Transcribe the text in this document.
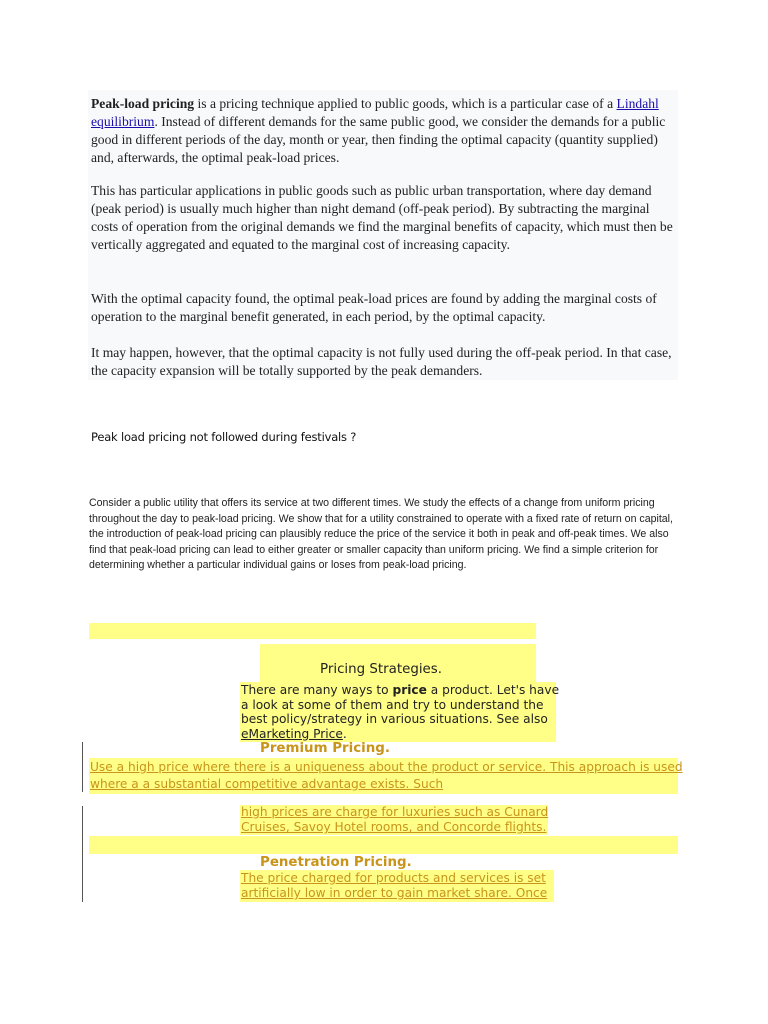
Peak-load pricing is a pricing technique applied to public goods, which is a particular case of a Lindahl equilibrium. Instead of different demands for the same public good, we consider the demands for a public good in different periods of the day, month or year, then finding the optimal capacity (quantity supplied) and, afterwards, the optimal peak-load prices.

This has particular applications in public goods such as public urban transportation, where day demand (peak period) is usually much higher than night demand (off-peak period). By subtracting the marginal costs of operation from the original demands we find the marginal benefits of capacity, which must then be vertically aggregated and equated to the marginal cost of increasing capacity.

With the optimal capacity found, the optimal peak-load prices are found by adding the marginal costs of operation to the marginal benefit generated, in each period, by the optimal capacity.

It may happen, however, that the optimal capacity is not fully used during the off-peak period. In that case, the capacity expansion will be totally supported by the peak demanders.

Peak load pricing not followed during festivals ?
Consider a public utility that offers its service at two different times. We study the effects of a change from uniform pricing throughout the day to peak-load pricing. We show that for a utility constrained to operate with a fixed rate of return on capital, the introduction of peak-load pricing can plausibly reduce the price of the service it both in peak and off-peak times. We also find that peak-load pricing can lead to either greater or smaller capacity than uniform pricing. We find a simple criterion for determining whether a particular individual gains or loses from peak-load pricing.
Pricing Strategies.
There are many ways to price a product. Let's have a look at some of them and try to understand the best policy/strategy in various situations. See also
eMarketing Price.
Premium Pricing.
Use a high price where there is a uniqueness about the product or service. This approach is used
where a a substantial competitive advantage exists. Such
high prices are charge for luxuries such as Cunard
Cruises, Savoy Hotel rooms, and Concorde flights.
Penetration Pricing.
The price charged for products and services is set
artificially low in order to gain market share. Once
